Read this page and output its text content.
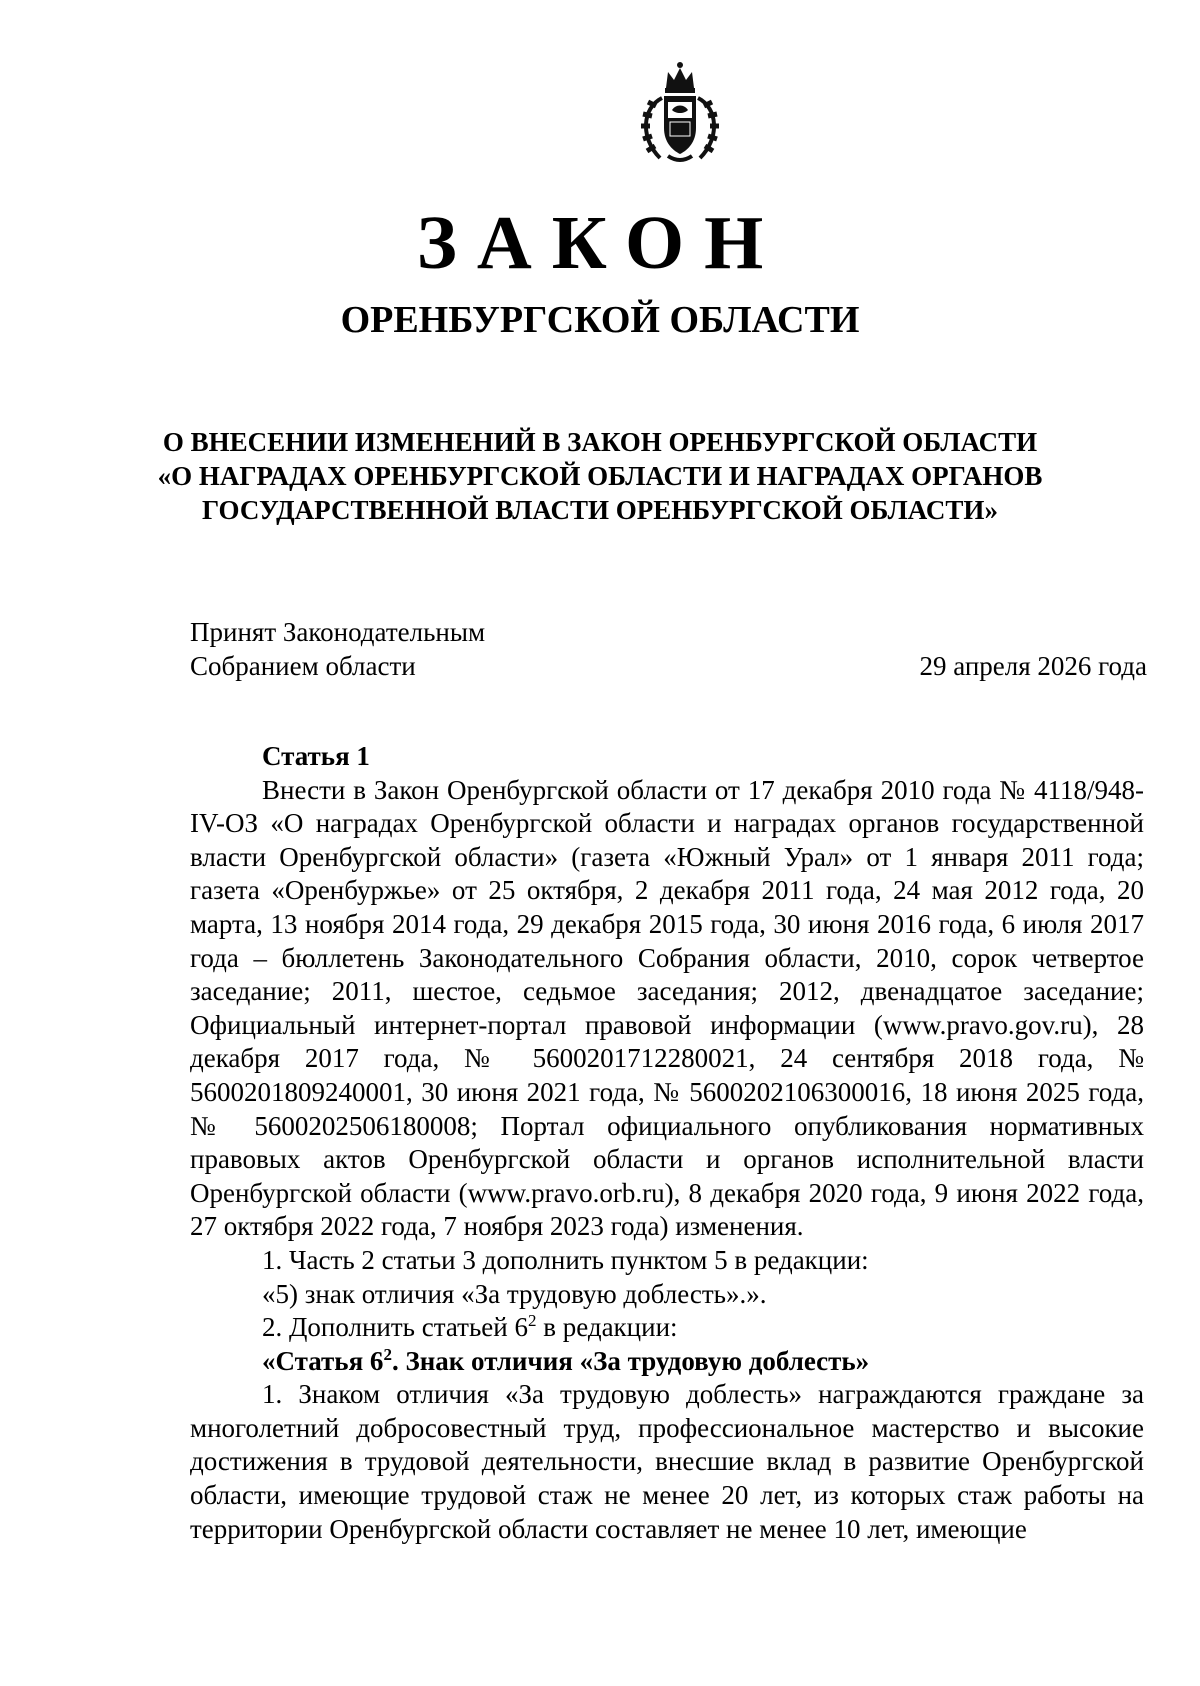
ЗАКОН
ОРЕНБУРГСКОЙ ОБЛАСТИ
О ВНЕСЕНИИ ИЗМЕНЕНИЙ В ЗАКОН ОРЕНБУРГСКОЙ ОБЛАСТИ
«О НАГРАДАХ ОРЕНБУРГСКОЙ ОБЛАСТИ И НАГРАДАХ ОРГАНОВ
ГОСУДАРСТВЕННОЙ ВЛАСТИ ОРЕНБУРГСКОЙ ОБЛАСТИ»
Принят Законодательным
Собранием области	29 апреля 2026 года

Статья 1

Внести в Закон Оренбургской области от 17 декабря 2010 года № 4118/948-IV-ОЗ «О наградах Оренбургской области и наградах органов государственной власти Оренбургской области» (газета «Южный Урал» от 1 января 2011 года; газета «Оренбуржье» от 25 октября, 2 декабря 2011 года, 24 мая 2012 года, 20 марта, 13 ноября 2014 года, 29 декабря 2015 года, 30 июня 2016 года, 6 июля 2017 года – бюллетень Законодательного Собрания области, 2010, сорок четвертое заседание; 2011, шестое, седьмое заседания; 2012, двенадцатое заседание; Официальный интернет-портал правовой информации (www.pravo.gov.ru), 28 декабря 2017 года, № 5600201712280021, 24 сентября 2018 года, № 5600201809240001, 30 июня 2021 года, № 5600202106300016, 18 июня 2025 года, № 5600202506180008; Портал официального опубликования нормативных правовых актов Оренбургской области и органов исполнительной власти Оренбургской области (www.pravo.orb.ru), 8 декабря 2020 года, 9 июня 2022 года, 27 октября 2022 года, 7 ноября 2023 года) изменения.

1. Часть 2 статьи 3 дополнить пунктом 5 в редакции:

«5) знак отличия «За трудовую доблесть».».

2. Дополнить статьей $6^2$ в редакции:

«Статья $6^2$. Знак отличия «За трудовую доблесть»

1. Знаком отличия «За трудовую доблесть» награждаются граждане за многолетний добросовестный труд, профессиональное мастерство и высокие достижения в трудовой деятельности, внесшие вклад в развитие Оренбургской области, имеющие трудовой стаж не менее 20 лет, из которых стаж работы на территории Оренбургской области составляет не менее 10 лет, имеющие
